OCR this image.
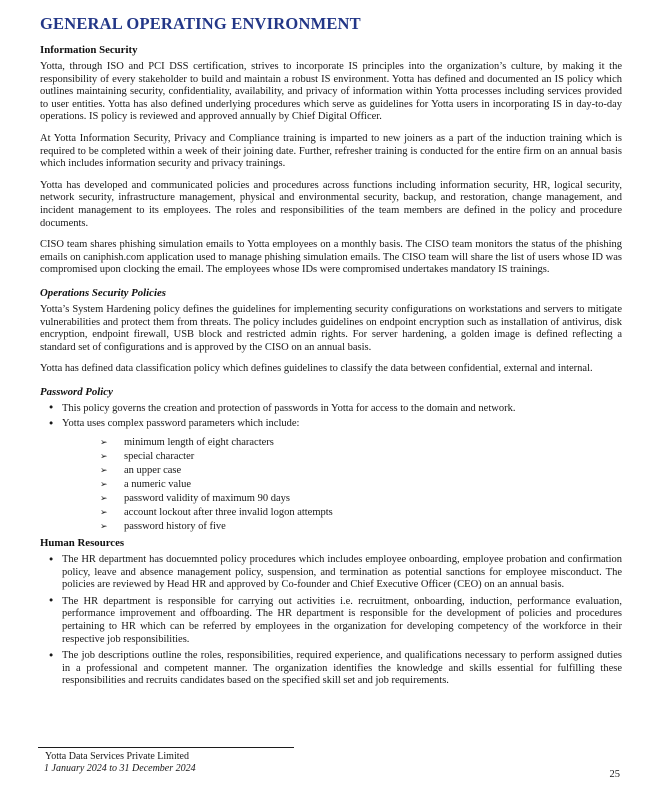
GENERAL OPERATING ENVIRONMENT
Information Security

Yotta, through ISO and PCI DSS certification, strives to incorporate IS principles into the organization’s culture, by making it the responsibility of every stakeholder to build and maintain a robust IS environment. Yotta has defined and documented an IS policy which outlines maintaining security, confidentiality, availability, and privacy of information within Yotta processes including services provided to user entities. Yotta has also defined underlying procedures which serve as guidelines for Yotta users in incorporating IS in day-to-day operations. IS policy is reviewed and approved annually by Chief Digital Officer.

At Yotta Information Security, Privacy and Compliance training is imparted to new joiners as a part of the induction training which is required to be completed within a week of their joining date. Further, refresher training is conducted for the entire firm on an annual basis which includes information security and privacy trainings.

Yotta has developed and communicated policies and procedures across functions including information security, HR, logical security, network security, infrastructure management, physical and environmental security, backup, and restoration, change management, and incident management to its employees. The roles and responsibilities of the team members are defined in the policy and procedure documents.

CISO team shares phishing simulation emails to Yotta employees on a monthly basis. The CISO team monitors the status of the phishing emails on caniphish.com application used to manage phishing simulation emails. The CISO team will share the list of users whose ID was compromised upon clocking the email. The employees whose IDs were compromised undertakes mandatory IS trainings.

Operations Security Policies

Yotta’s System Hardening policy defines the guidelines for implementing security configurations on workstations and servers to mitigate vulnerabilities and protect them from threats. The policy includes guidelines on endpoint encryption such as installation of antivirus, disk encryption, endpoint firewall, USB block and restricted admin rights. For server hardening, a golden image is defined reflecting a standard set of configurations and is approved by the CISO on an annual basis.

Yotta has defined data classification policy which defines guidelines to classify the data between confidential, external and internal.

Password Policy
• This policy governs the creation and protection of passwords in Yotta for access to the domain and network.
• Yotta uses complex password parameters which include:
➢ minimum length of eight characters
➢ special character
➢ an upper case
➢ a numeric value
➢ password validity of maximum 90 days
➢ account lockout after three invalid logon attempts
➢ password history of five
Human Resources
• The HR department has docuemnted policy procedures which includes employee onboarding, employee probation and confirmation policy, leave and absence management policy, suspension, and termination as potential sanctions for employee misconduct. The policies are reviewed by Head HR and approved by Co-founder and Chief Executive Officer (CEO) on an annual basis.
• The HR department is responsible for carrying out activities i.e. recruitment, onboarding, induction, performance evaluation, performance improvement and offboarding. The HR department is responsible for the development of policies and procedures pertaining to HR which can be referred by employees in the organization for developing competency of the workforce in their respective job responsibilities.
• The job descriptions outline the roles, responsibilities, required experience, and qualifications necessary to perform assigned duties in a professional and competent manner. The organization identifies the knowledge and skills essential for fulfilling these responsibilities and recruits candidates based on the specified skill set and job requirements.
Yotta Data Services Private Limited
1 January 2024 to 31 December 2024
25
